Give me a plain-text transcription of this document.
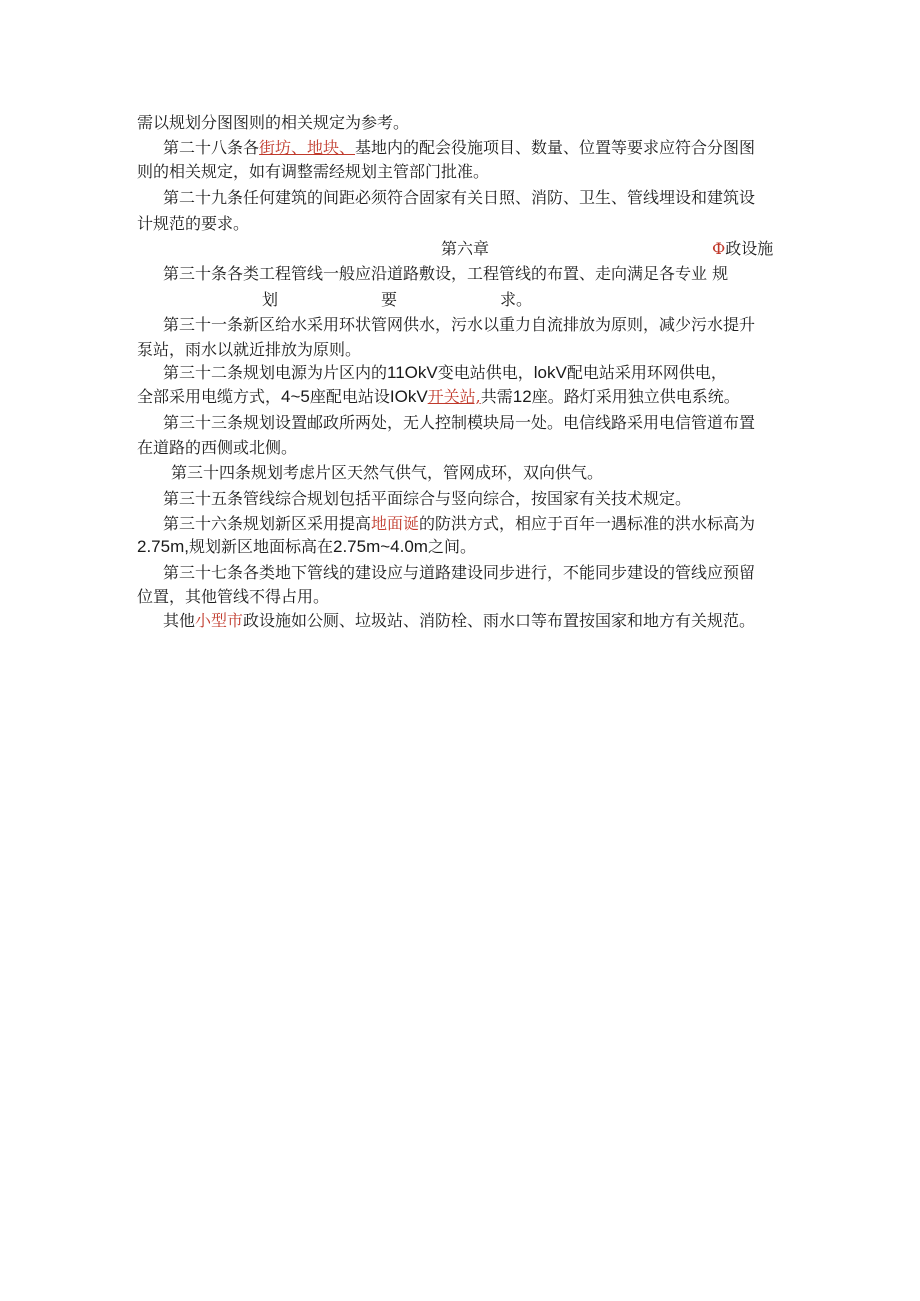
需以规划分图图则的相关规定为参考。
第二十八条各街坊、地块、基地内的配会役施项目、数量、位置等要求应符合分图图
则的相关规定，如有调整需经规划主管部门批准。
第二十九条任何建筑的间距必须符合固家有关日照、消防、卫生、管线埋设和建筑设
计规范的要求。
第六章	Ф政设施
第三十条各类工程管线一般应沿道路敷设，工程管线的布置、走向满足各专业 规
划	要	求。
第三十一条新区给水采用环状管网供水，污水以重力自流排放为原则，减少污水提升
泵站，雨水以就近排放为原则。
第三十二条规划电源为片区内的11OkV变电站供电，lokV配电站采用环网供电，
全部采用电缆方式，4~5座配电站设IOkV开关站,共需12座。路灯采用独立供电系统。
第三十三条规划设置邮政所两处，无人控制模块局一处。电信线路采用电信管道布置
在道路的西侧或北侧。
第三十四条规划考虑片区天然气供气，管网成环，双向供气。
第三十五条管线综合规划包括平面综合与竖向综合，按国家有关技术规定。
第三十六条规划新区采用提高地面诞的防洪方式，相应于百年一遇标准的洪水标高为
2.75m,规划新区地面标高在2.75m~4.0m之间。
第三十七条各类地下管线的建设应与道路建设同步进行，不能同步建设的管线应预留
位置，其他管线不得占用。
其他小型市政设施如公厕、垃圾站、消防栓、雨水口等布置按国家和地方有关规范。
